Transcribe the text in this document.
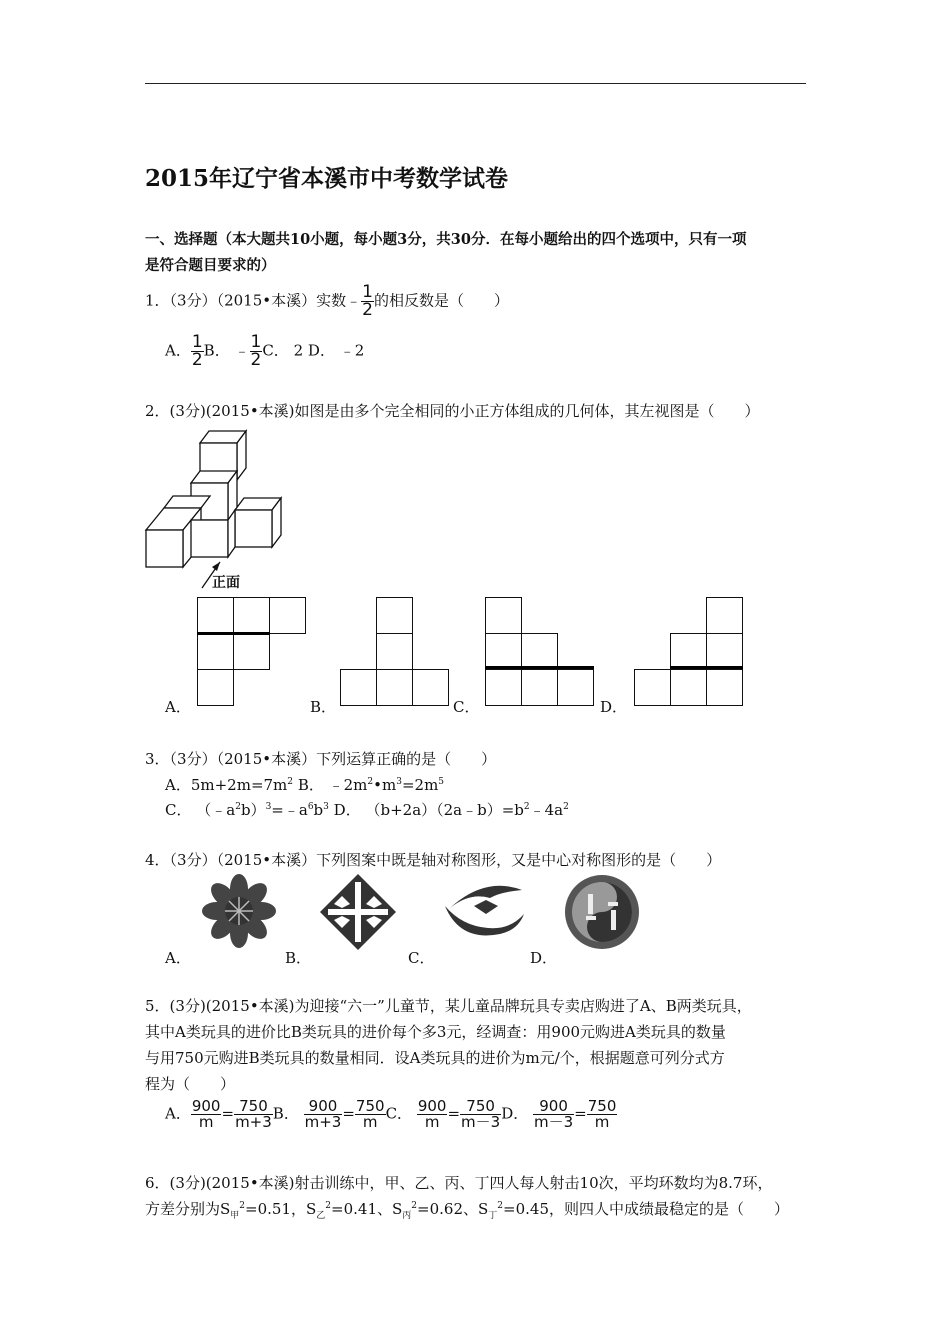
2015年辽宁省本溪市中考数学试卷
一、选择题（本大题共10小题，每小题3分，共30分．在每小题给出的四个选项中，只有一项
是符合题目要求的）
1．（3分）（2015•本溪）实数﹣ $\frac{1}{2}$ 的相反数是（　　）
A． $\frac{1}{2}$ B． ﹣ $\frac{1}{2}$ C． 2 D． ﹣2
2．(3分)(2015•本溪)如图是由多个完全相同的小正方体组成的几何体，其左视图是（　　）
正面
A．	B．	C．	D．
3．（3分）（2015•本溪）下列运算正确的是（　　）
A．$5m+2m=7m^2$ B． $﹣2m^2•m^3=2m^5$
C． $(﹣a^2b)^3=﹣a^6b^3$ D． $(b+2a)(2a﹣b)=b^2﹣4a^2$
4．（3分）（2015•本溪）下列图案中既是轴对称图形，又是中心对称图形的是（　　）
A．	B．	C．	D．
5．(3分)(2015•本溪)为迎接“六一”儿童节，某儿童品牌玩具专卖店购进了A、B两类玩具，
其中A类玩具的进价比B类玩具的进价每个多3元，经调查：用900元购进A类玩具的数量
与用750元购进B类玩具的数量相同．设A类玩具的进价为m元/个，根据题意可列分式方
程为（　　）
A． $\frac{900}{m} = \frac{750}{m+3}$ B． $\frac{900}{m+3} = \frac{750}{m}$ C． $\frac{900}{m} = \frac{750}{m-3}$ D． $\frac{900}{m-3} = \frac{750}{m}$
6．(3分)(2015•本溪)射击训练中，甲、乙、丙、丁四人每人射击10次，平均环数均为8.7环，
方差分别为$S_甲^2=0.51$，$S_乙^2=0.41$、$S_丙^2=0.62$、$S_丁^2=0.45$，则四人中成绩最稳定的是（　　）
